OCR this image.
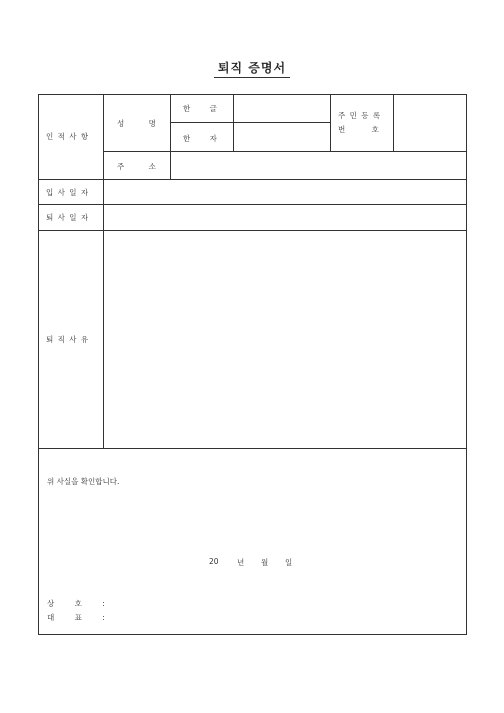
퇴직 증명서
인 적 사 항
성 명
한 글
한 자
주 민 등 록
번 호
주 소
입 사 일 자
퇴 사 일 자
퇴 직 사 유
위 사실을 확인합니다.
20 년 월 일
상 호 :
대 표 :
